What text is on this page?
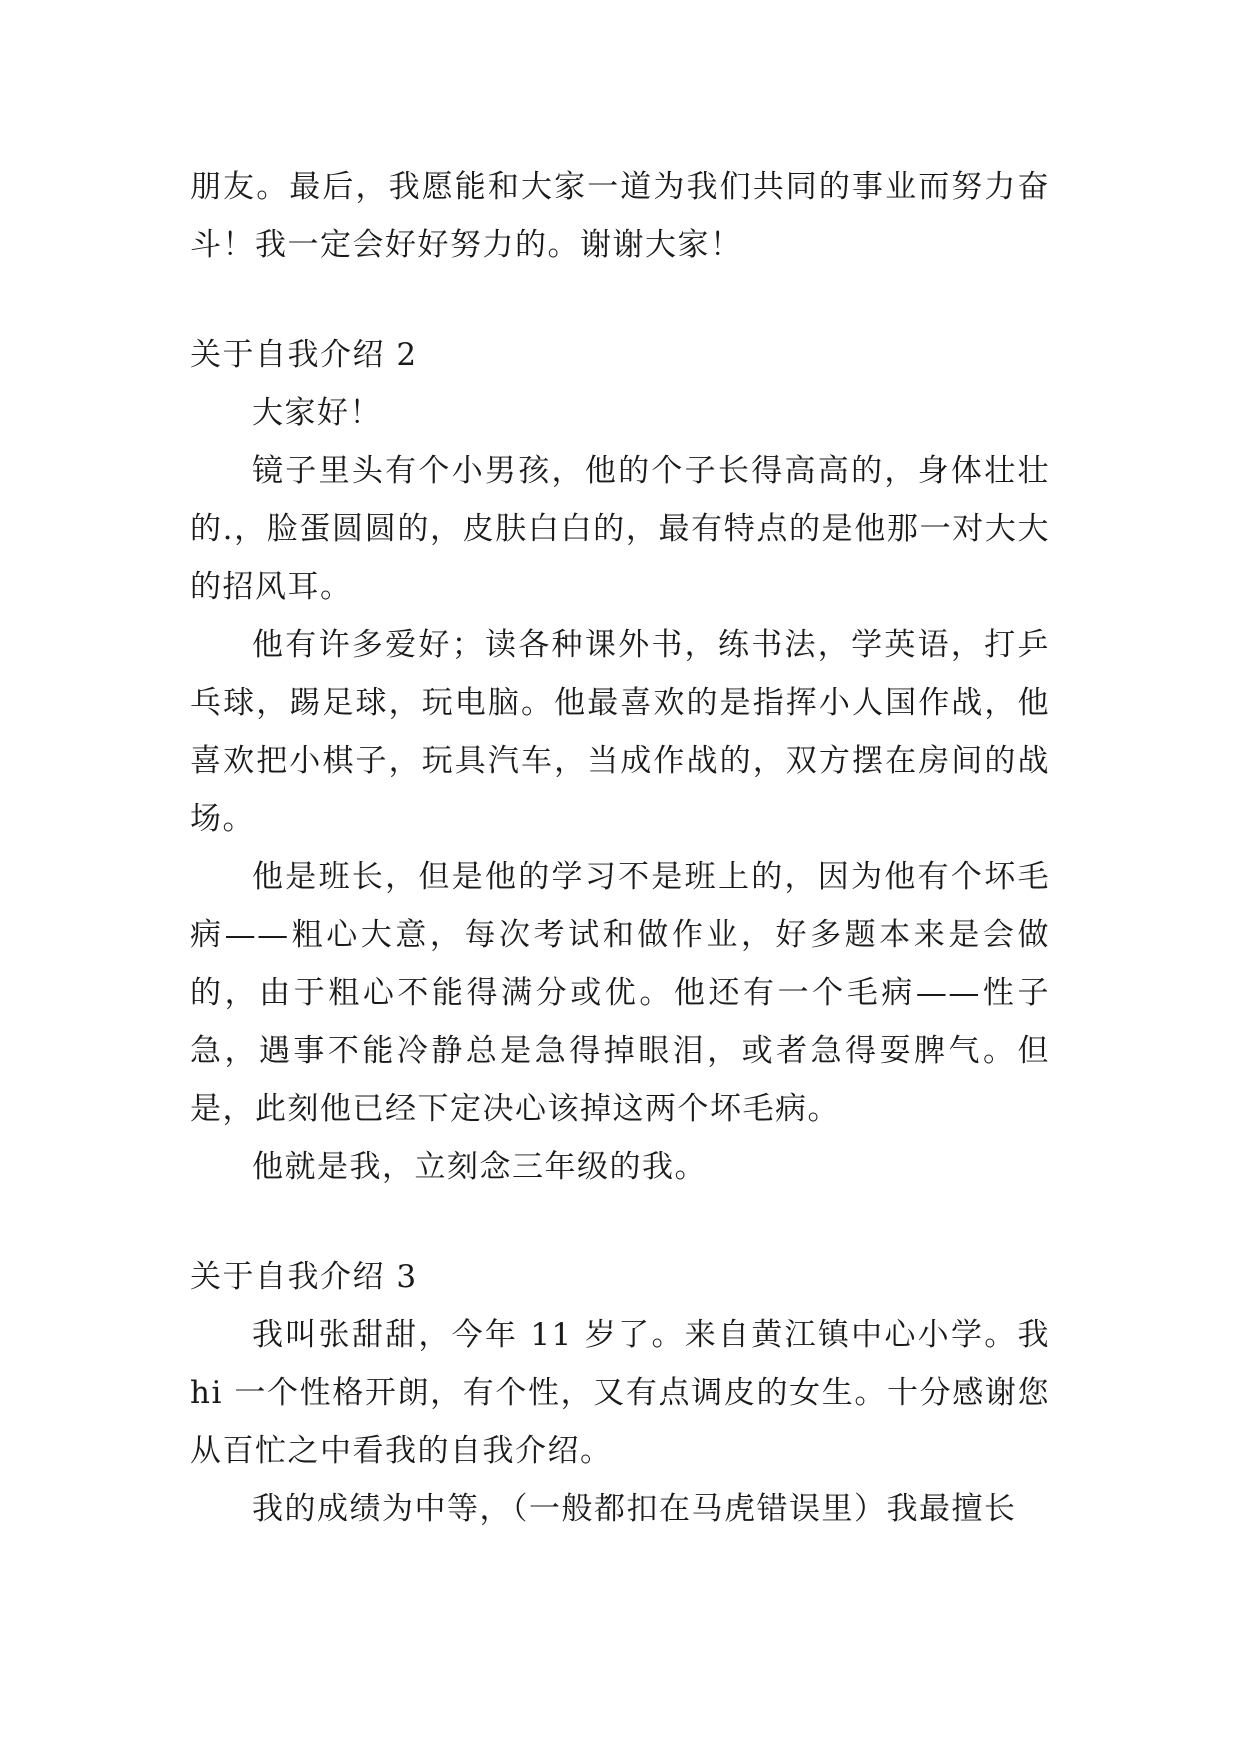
朋友。最后，我愿能和大家一道为我们共同的事业而努力奋斗！我一定会好好努力的。谢谢大家！

关于自我介绍 2

大家好！

镜子里头有个小男孩，他的个子长得高高的，身体壮壮的.，脸蛋圆圆的，皮肤白白的，最有特点的是他那一对大大的招风耳。

他有许多爱好；读各种课外书，练书法，学英语，打乒乓球，踢足球，玩电脑。他最喜欢的是指挥小人国作战，他喜欢把小棋子，玩具汽车，当成作战的，双方摆在房间的战场。

他是班长，但是他的学习不是班上的，因为他有个坏毛病——粗心大意，每次考试和做作业，好多题本来是会做的，由于粗心不能得满分或优。他还有一个毛病——性子急，遇事不能冷静总是急得掉眼泪，或者急得耍脾气。但是，此刻他已经下定决心该掉这两个坏毛病。

他就是我，立刻念三年级的我。

关于自我介绍 3

我叫张甜甜，今年 11 岁了。来自黄江镇中心小学。我 hi 一个性格开朗，有个性，又有点调皮的女生。十分感谢您从百忙之中看我的自我介绍。

我的成绩为中等，（一般都扣在马虎错误里）我最擅长
